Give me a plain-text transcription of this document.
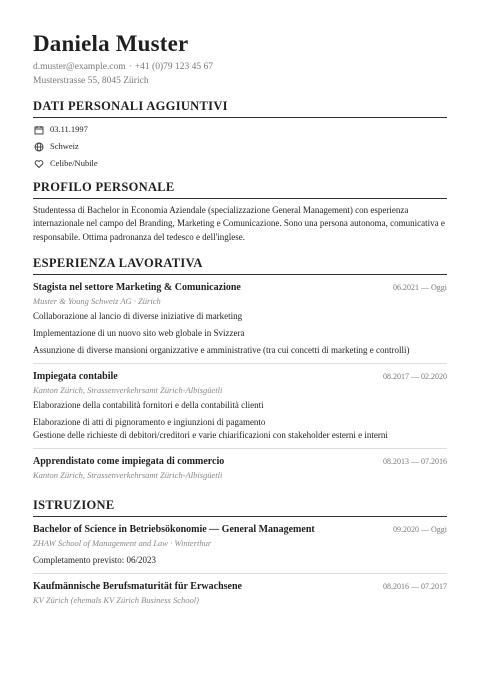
Daniela Muster
d.muster@example.com · +41 (0)79 123 45 67
Musterstrasse 55, 8045 Zürich
DATI PERSONALI AGGIUNTIVI
03.11.1997
Schweiz
Celibe/Nubile
PROFILO PERSONALE
Studentessa di Bachelor in Economia Aziendale (specializzazione General Management) con esperienza internazionale nel campo del Branding, Marketing e Comunicazione. Sono una persona autonoma, comunicativa e responsabile. Ottima padronanza del tedesco e dell'inglese.
ESPERIENZA LAVORATIVA
Stagista nel settore Marketing & Comunicazione	06.2021 — Oggi
Muster & Young Schweiz AG · Zürich
Collaborazione al lancio di diverse iniziative di marketing
Implementazione di un nuovo sito web globale in Svizzera
Assunzione di diverse mansioni organizzative e amministrative (tra cui concetti di marketing e controlli)
Impiegata contabile	08.2017 — 02.2020
Kanton Zürich, Strassenverkehrsamt Zürich-Albisgüetli
Elaborazione della contabilità fornitori e della contabilità clienti
Elaborazione di atti di pignoramento e ingiunzioni di pagamento
Gestione delle richieste di debitori/creditori e varie chiarificazioni con stakeholder esterni e interni
Apprendistato come impiegata di commercio	08.2013 — 07.2016
Kanton Zürich, Strassenverkehrsamt Zürich-Albisgüetli
ISTRUZIONE
Bachelor of Science in Betriebsökonomie — General Management	09.2020 — Oggi
ZHAW School of Management and Law · Winterthur
Completamento previsto: 06/2023
Kaufmännische Berufsmaturität für Erwachsene	08.2016 — 07.2017
KV Zürich (ehemals KV Zürich Business School)
